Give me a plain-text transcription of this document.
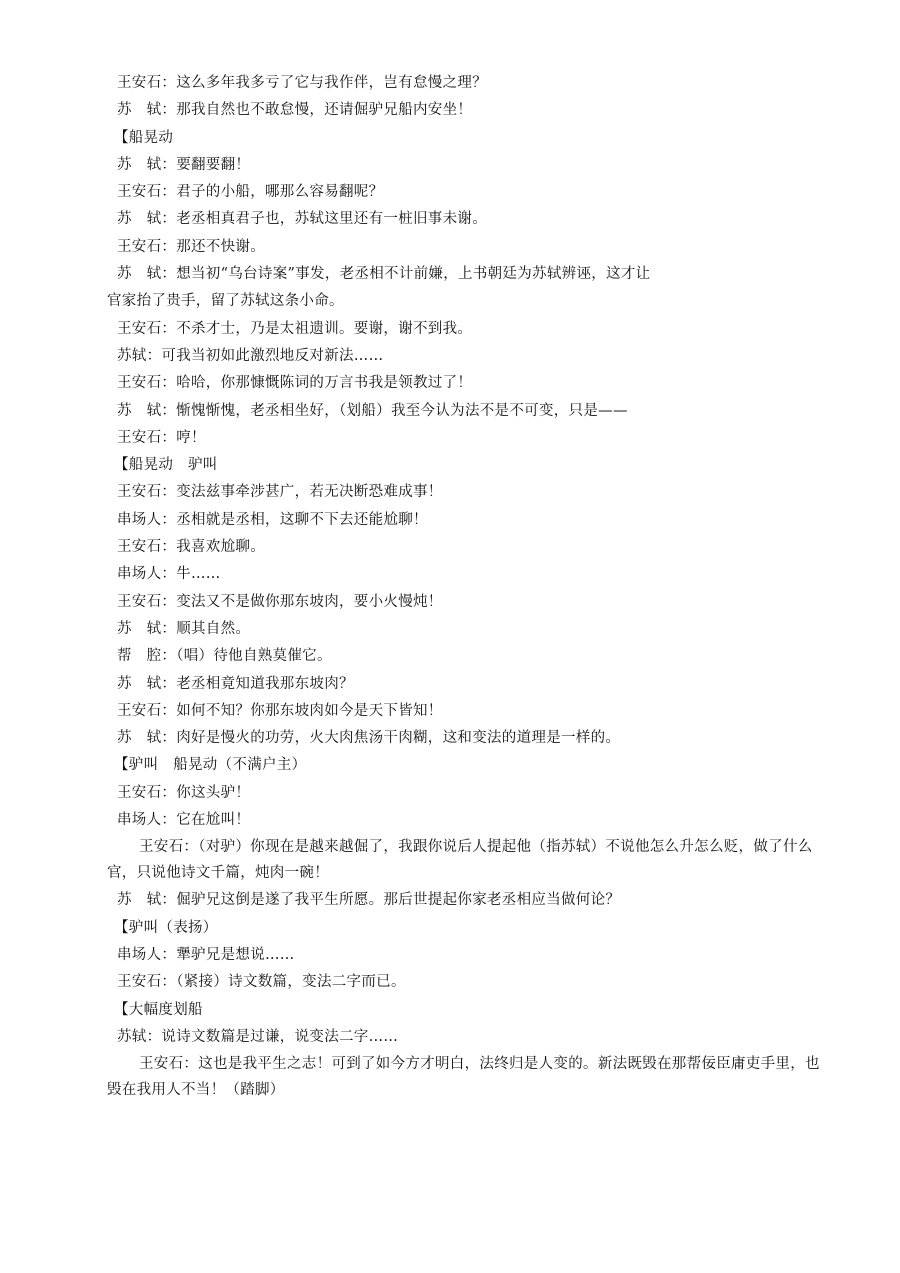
王安石：这么多年我多亏了它与我作伴，岂有怠慢之理？
苏　轼：那我自然也不敢怠慢，还请倔驴兄船内安坐！
【船晃动
苏　轼：要翻要翻！
王安石：君子的小船，哪那么容易翻呢？
苏　轼：老丞相真君子也，苏轼这里还有一桩旧事未谢。
王安石：那还不快谢。
苏　轼：想当初“乌台诗案”事发，老丞相不计前嫌，上书朝廷为苏轼辨诬，这才让
官家抬了贵手，留了苏轼这条小命。
王安石：不杀才士，乃是太祖遗训。要谢，谢不到我。
苏轼：可我当初如此激烈地反对新法……
王安石：哈哈，你那慷慨陈词的万言书我是领教过了！
苏　轼：惭愧惭愧，老丞相坐好，（划船）我至今认为法不是不可变，只是——
王安石：哼！
【船晃动　驴叫
王安石：变法兹事牵涉甚广，若无决断恐难成事！
串场人：丞相就是丞相，这聊不下去还能尬聊！
王安石：我喜欢尬聊。
串场人：牛……
王安石：变法又不是做你那东坡肉，要小火慢炖！
苏　轼：顺其自然。
帮　腔：（唱）待他自熟莫催它。
苏　轼：老丞相竟知道我那东坡肉？
王安石：如何不知？你那东坡肉如今是天下皆知！
苏　轼：肉好是慢火的功劳，火大肉焦汤干肉糊，这和变法的道理是一样的。
【驴叫　船晃动（不满户主）
王安石：你这头驴！
串场人：它在尬叫！
王安石：（对驴）你现在是越来越倔了，我跟你说后人提起他（指苏轼）不说他怎么升怎么贬，做了什么官，只说他诗文千篇，炖肉一碗！
苏　轼：倔驴兄这倒是遂了我平生所愿。那后世提起你家老丞相应当做何论？
【驴叫（表扬）
串场人：犟驴兄是想说……
王安石：（紧接）诗文数篇，变法二字而已。
【大幅度划船
苏轼：说诗文数篇是过谦，说变法二字……
王安石：这也是我平生之志！可到了如今方才明白，法终归是人变的。新法既毁在那帮佞臣庸吏手里，也毁在我用人不当！（踏脚）
